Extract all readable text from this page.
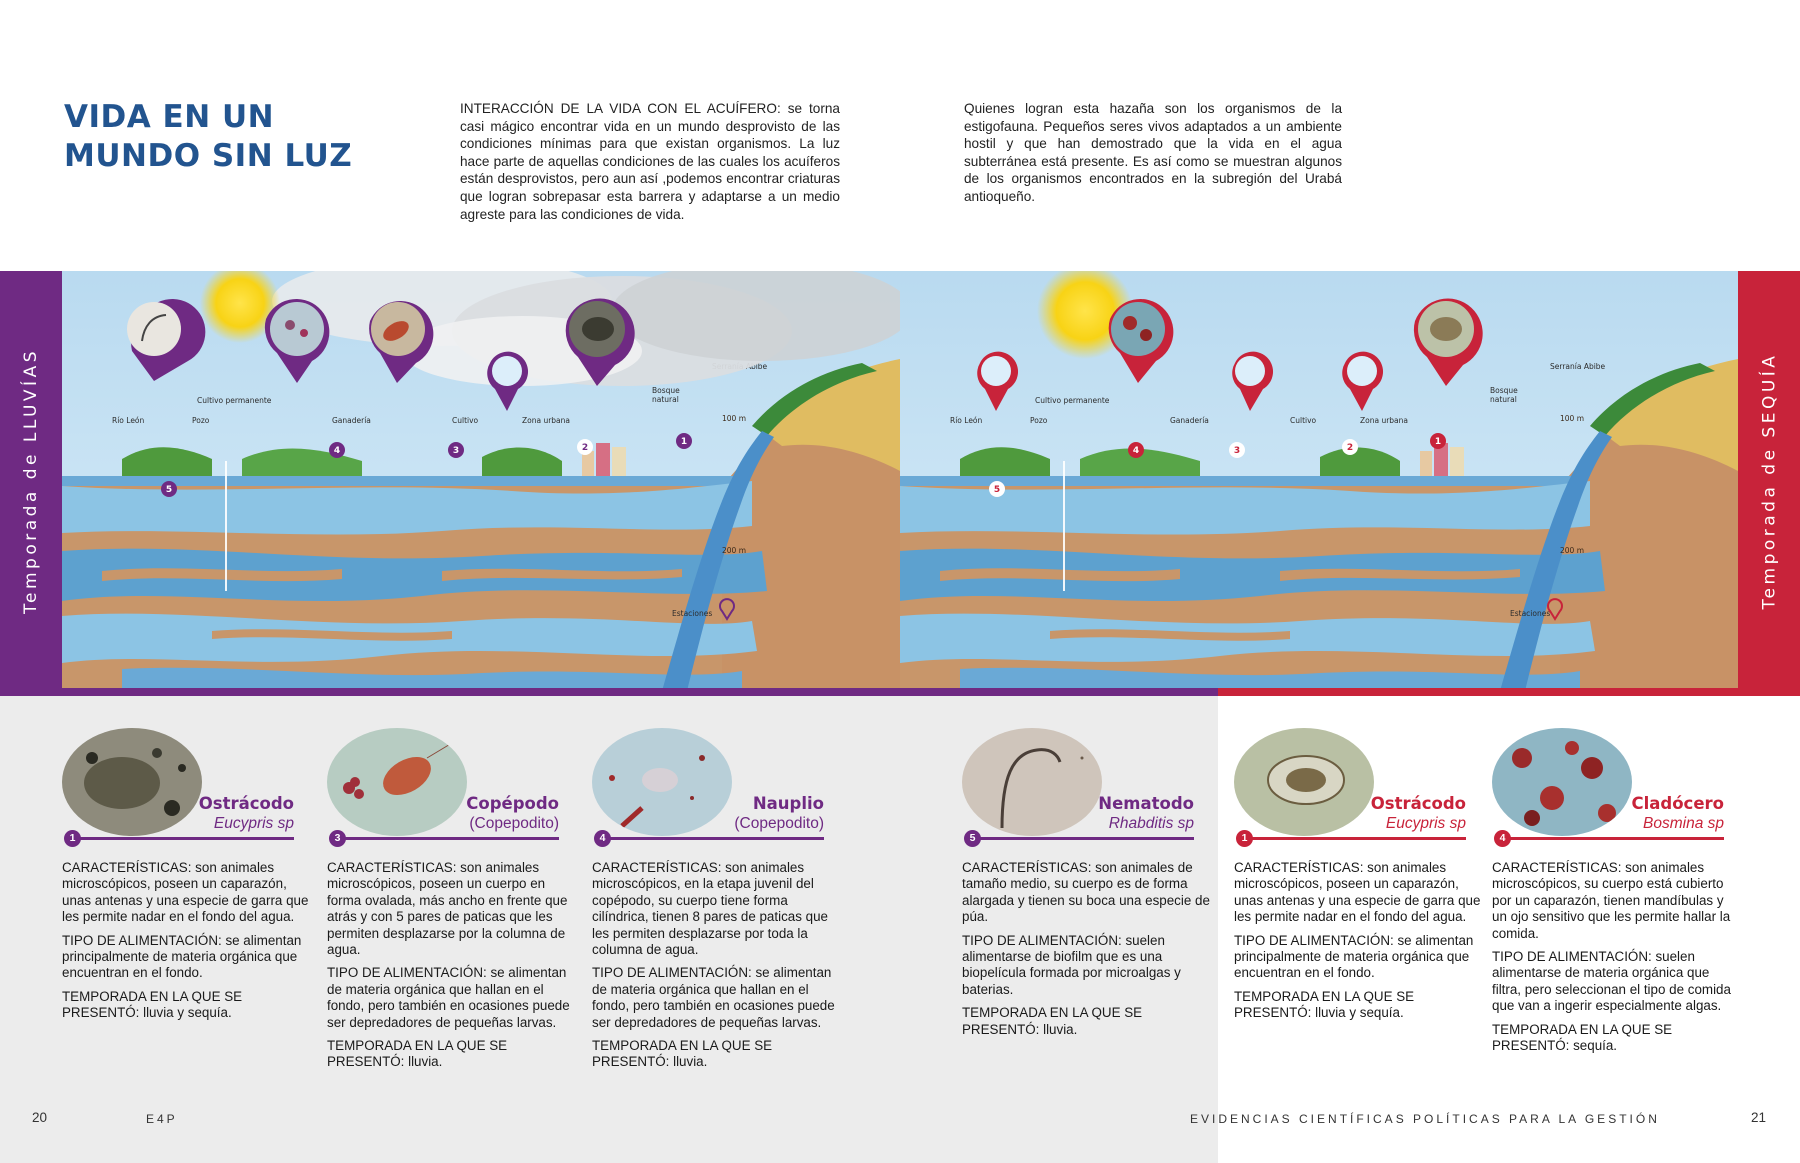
VIDA EN UN
MUNDO SIN LUZ

INTERACCIÓN DE LA VIDA CON EL ACUÍFERO: se torna casi mágico encontrar vida en un mundo desprovisto de las condiciones mínimas para que existan organismos. La luz hace parte de aquellas condiciones de las cuales los acuíferos están desprovistos, pero aun así ,podemos encontrar criaturas que logran sobrepasar esta barrera y adaptarse a un medio agreste para las condiciones de vida.

Quienes logran esta hazaña son los organismos de la estigofauna. Pequeños seres vivos adaptados a un ambiente hostil y que han demostrado que la vida en el agua subterránea está presente. Es así como se muestran algunos de los organismos encontrados en la subregión del Urabá antioqueño.

Temporada de LLUVÍAS	Temporada de SEQUÍA
5
4	3	2
1
5
4	3	2
1
1
Ostrácodo
Eucypris sp

CARACTERÍSTICAS: son animales microscópicos, poseen un caparazón, unas antenas y una especie de garra que les permite nadar en el fondo del agua.

TIPO DE ALIMENTACIÓN: se alimentan principalmente de materia orgánica que encuentran en el fondo.

TEMPORADA EN LA QUE SE PRESENTÓ: lluvia y sequía.

3
Copépodo
(Copepodito)

CARACTERÍSTICAS: son animales microscópicos, poseen un cuerpo en forma ovalada, más ancho en frente que atrás y con 5 pares de paticas que les permiten desplazarse por la columna de agua.

TIPO DE ALIMENTACIÓN: se alimentan de materia orgánica que hallan en el fondo, pero también en ocasiones puede ser depredadores de pequeñas larvas.

TEMPORADA EN LA QUE SE PRESENTÓ: lluvia.

4
Nauplio
(Copepodito)

CARACTERÍSTICAS: son animales microscópicos, en la etapa juvenil del copépodo, su cuerpo tiene forma cilíndrica, tienen 8 pares de paticas que les permiten desplazarse por toda la columna de agua.

TIPO DE ALIMENTACIÓN: se alimentan de materia orgánica que hallan en el fondo, pero también en ocasiones puede ser depredadores de pequeñas larvas.

TEMPORADA EN LA QUE SE PRESENTÓ: lluvia.

5
Nematodo
Rhabditis sp

CARACTERÍSTICAS: son animales de tamaño medio, su cuerpo es de forma alargada y tienen su boca una especie de púa.

TIPO DE ALIMENTACIÓN: suelen alimentarse de biofilm que es una biopelícula formada por microalgas y baterias.

TEMPORADA EN LA QUE SE PRESENTÓ: lluvia.

1
Ostrácodo
Eucypris sp

CARACTERÍSTICAS: son animales microscópicos, poseen un caparazón, unas antenas y una especie de garra que les permite nadar en el fondo del agua.

TIPO DE ALIMENTACIÓN: se alimentan principalmente de materia orgánica que encuentran en el fondo.

TEMPORADA EN LA QUE SE PRESENTÓ: lluvia y sequía.

4
Cladócero
Bosmina sp

CARACTERÍSTICAS: son animales microscópicos, su cuerpo está cubierto por un caparazón, tienen mandíbulas y un ojo sensitivo que les permite hallar la comida.

TIPO DE ALIMENTACIÓN: suelen alimentarse de materia orgánica que filtra, pero seleccionan el tipo de comida que van a ingerir especialmente algas.

TEMPORADA EN LA QUE SE PRESENTÓ: sequía.

20	E4P	EVIDENCIAS CIENTÍFICAS POLÍTICAS PARA LA GESTIÓN	21
